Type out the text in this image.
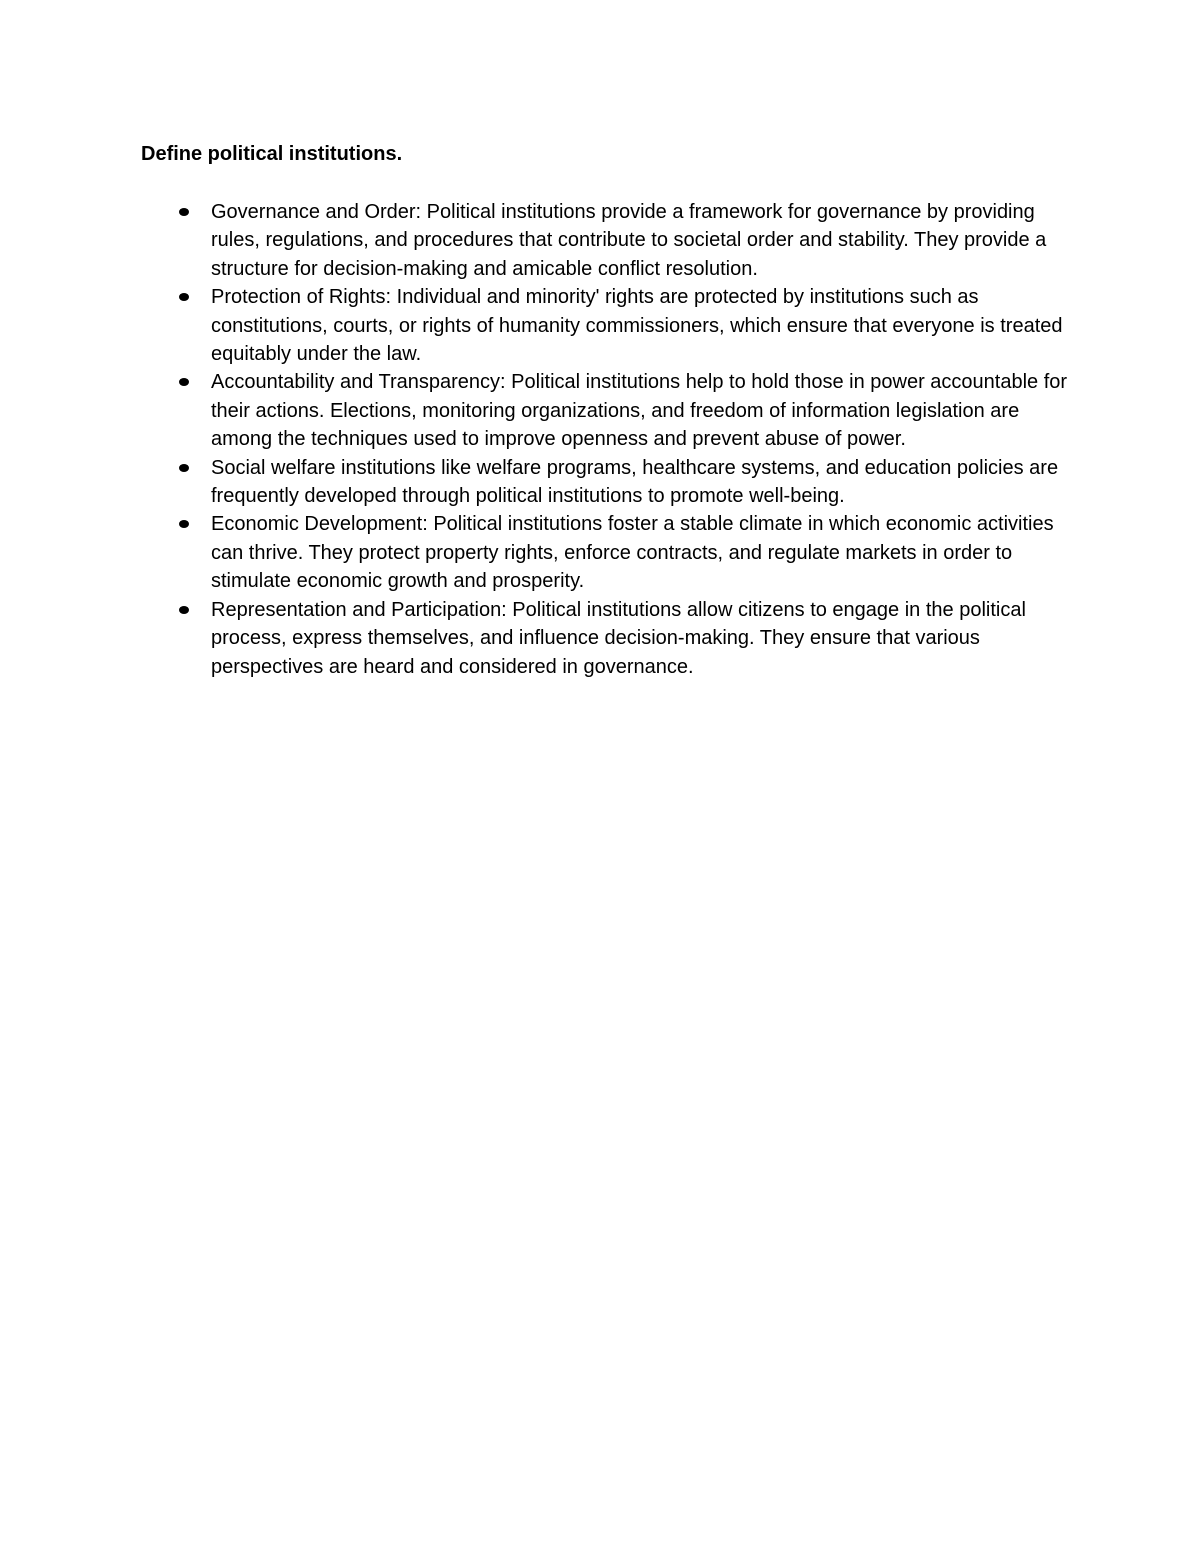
Define political institutions.
Governance and Order: Political institutions provide a framework for governance by providing rules, regulations, and procedures that contribute to societal order and stability. They provide a structure for decision-making and amicable conflict resolution.
Protection of Rights: Individual and minority' rights are protected by institutions such as constitutions, courts, or rights of humanity commissioners, which ensure that everyone is treated equitably under the law.
Accountability and Transparency: Political institutions help to hold those in power accountable for their actions. Elections, monitoring organizations, and freedom of information legislation are among the techniques used to improve openness and prevent abuse of power.
Social welfare institutions like welfare programs, healthcare systems, and education policies are frequently developed through political institutions to promote well-being.
Economic Development: Political institutions foster a stable climate in which economic activities can thrive. They protect property rights, enforce contracts, and regulate markets in order to stimulate economic growth and prosperity.
Representation and Participation: Political institutions allow citizens to engage in the political process, express themselves, and influence decision-making. They ensure that various perspectives are heard and considered in governance.
